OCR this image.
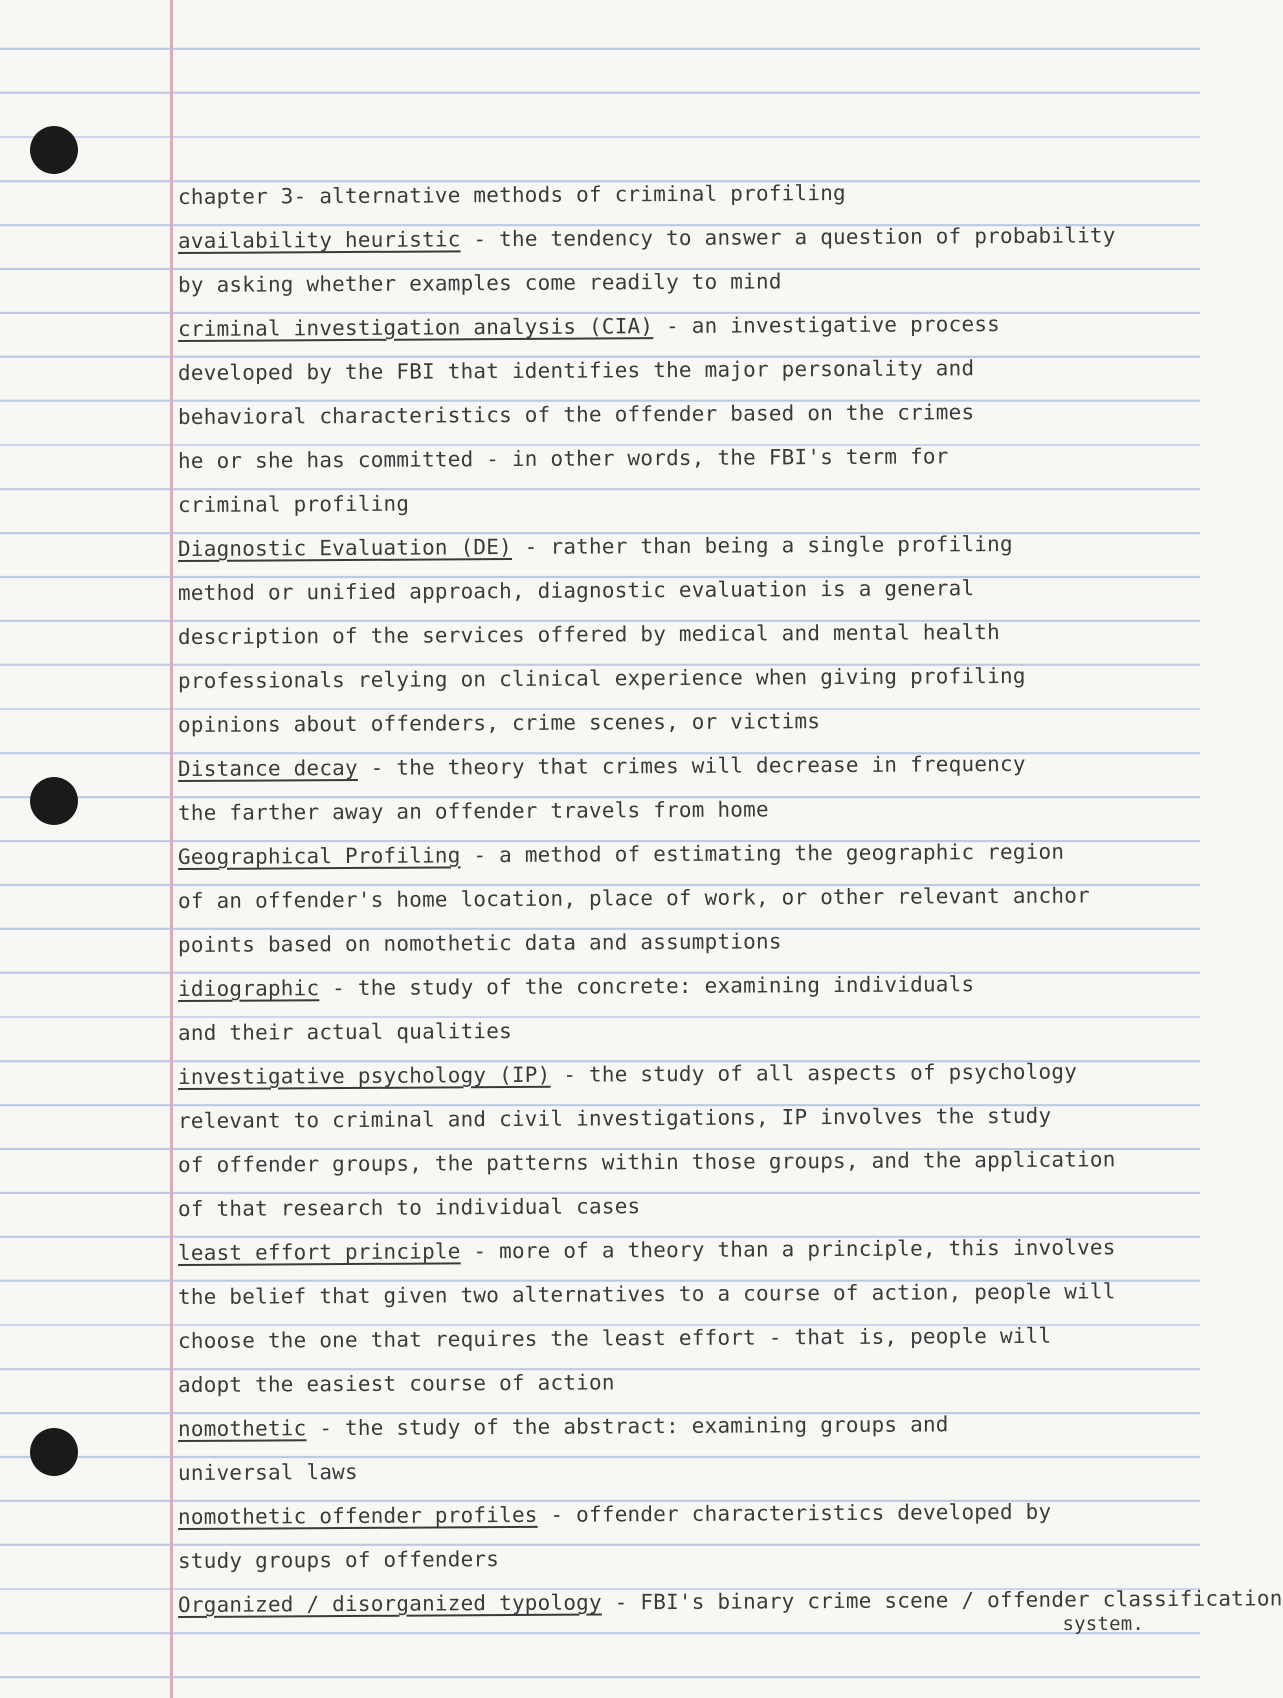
chapter 3- alternative methods of criminal profiling
availability heuristic - the tendency to answer a question of probability
by asking whether examples come readily to mind
criminal investigation analysis (CIA) - an investigative process
developed by the FBI that identifies the major personality and
behavioral characteristics of the offender based on the crimes
he or she has committed - in other words, the FBI's term for
criminal profiling
Diagnostic Evaluation (DE) - rather than being a single profiling
method or unified approach, diagnostic evaluation is a general
description of the services offered by medical and mental health
professionals relying on clinical experience when giving profiling
opinions about offenders, crime scenes, or victims
Distance decay - the theory that crimes will decrease in frequency
the farther away an offender travels from home
Geographical Profiling - a method of estimating the geographic region
of an offender's home location, place of work, or other relevant anchor
points based on nomothetic data and assumptions
idiographic - the study of the concrete: examining individuals
and their actual qualities
investigative psychology (IP) - the study of all aspects of psychology
relevant to criminal and civil investigations, IP involves the study
of offender groups, the patterns within those groups, and the application
of that research to individual cases
least effort principle - more of a theory than a principle, this involves
the belief that given two alternatives to a course of action, people will
choose the one that requires the least effort - that is, people will
adopt the easiest course of action
nomothetic - the study of the abstract: examining groups and
universal laws
nomothetic offender profiles - offender characteristics developed by
study groups of offenders
Organized / disorganized typology - FBI's binary crime scene / offender classification
system.
